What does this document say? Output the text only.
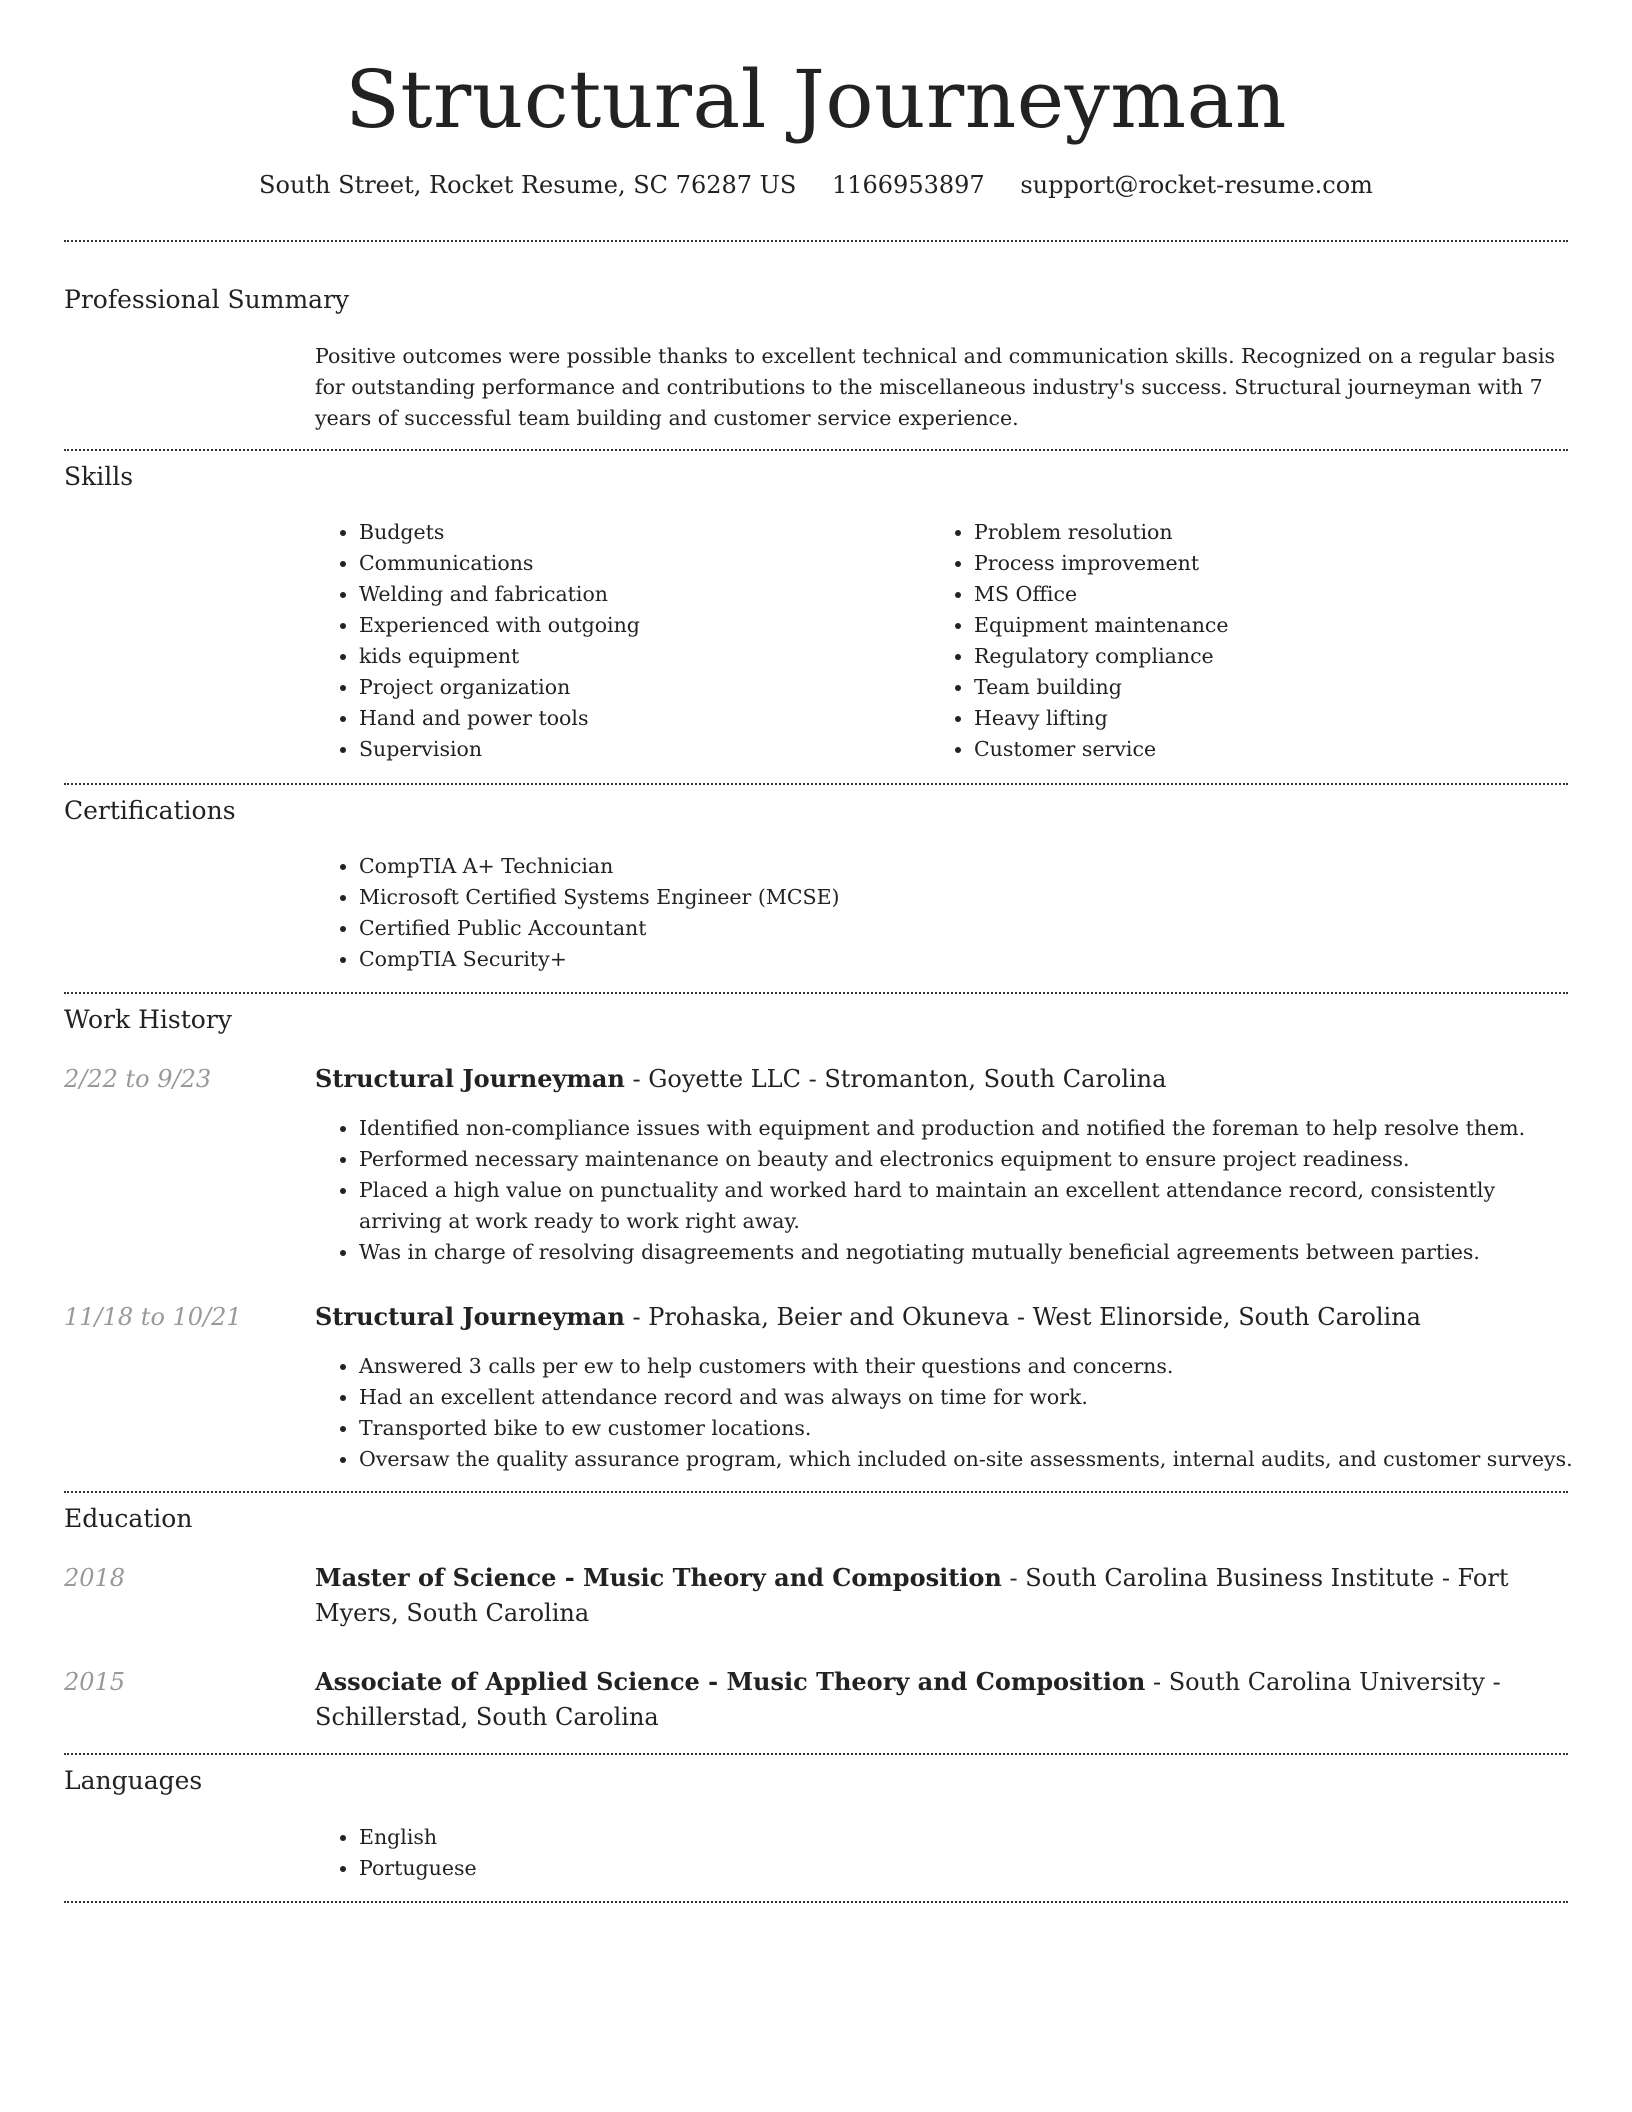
Structural Journeyman
South Street, Rocket Resume, SC 76287 US 1166953897 support@rocket-resume.com
Professional Summary
Positive outcomes were possible thanks to excellent technical and communication skills. Recognized on a regular basis for outstanding performance and contributions to the miscellaneous industry's success. Structural journeyman with 7 years of successful team building and customer service experience.
Skills
• Budgets
• Communications
• Welding and fabrication
• Experienced with outgoing
• kids equipment
• Project organization
• Hand and power tools
• Supervision
• Problem resolution
• Process improvement
• MS Office
• Equipment maintenance
• Regulatory compliance
• Team building
• Heavy lifting
• Customer service
Certifications
• CompTIA A+ Technician
• Microsoft Certified Systems Engineer (MCSE)
• Certified Public Accountant
• CompTIA Security+
Work History
2/22 to 9/23	Structural Journeyman - Goyette LLC - Stromanton, South Carolina
• Identified non-compliance issues with equipment and production and notified the foreman to help resolve them.
• Performed necessary maintenance on beauty and electronics equipment to ensure project readiness.
• Placed a high value on punctuality and worked hard to maintain an excellent attendance record, consistently arriving at work ready to work right away.
• Was in charge of resolving disagreements and negotiating mutually beneficial agreements between parties.
11/18 to 10/21	Structural Journeyman - Prohaska, Beier and Okuneva - West Elinorside, South Carolina
• Answered 3 calls per ew to help customers with their questions and concerns.
• Had an excellent attendance record and was always on time for work.
• Transported bike to ew customer locations.
• Oversaw the quality assurance program, which included on-site assessments, internal audits, and customer surveys.
Education
2018	Master of Science - Music Theory and Composition - South Carolina Business Institute - Fort Myers, South Carolina
2015	Associate of Applied Science - Music Theory and Composition - South Carolina University - Schillerstad, South Carolina
Languages
• English
• Portuguese
